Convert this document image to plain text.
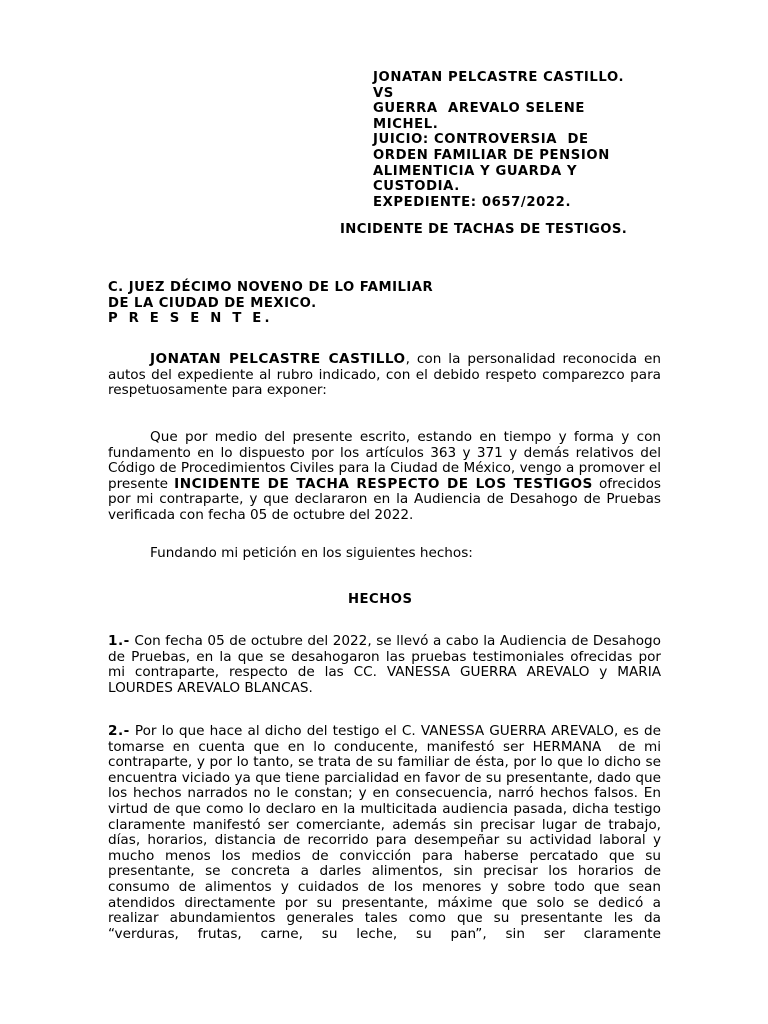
JONATAN PELCASTRE CASTILLO.
VS
GUERRA  AREVALO SELENE
MICHEL.
JUICIO: CONTROVERSIA  DE
ORDEN FAMILIAR DE PENSION
ALIMENTICIA Y GUARDA Y
CUSTODIA.
EXPEDIENTE: 0657/2022.
INCIDENTE DE TACHAS DE TESTIGOS.
C. JUEZ DÉCIMO NOVENO DE LO FAMILIAR
DE LA CIUDAD DE MEXICO.
P R E S E N T E.
JONATAN PELCASTRE CASTILLO, con la personalidad reconocida en autos del expediente al rubro indicado, con el debido respeto comparezco para respetuosamente para exponer:
Que por medio del presente escrito, estando en tiempo y forma y con fundamento en lo dispuesto por los artículos 363 y 371 y demás relativos del Código de Procedimientos Civiles para la Ciudad de México, vengo a promover el presente INCIDENTE DE TACHA RESPECTO DE LOS TESTIGOS ofrecidos por mi contraparte, y que declararon en la Audiencia de Desahogo de Pruebas verificada con fecha 05 de octubre del 2022.
Fundando mi petición en los siguientes hechos:
HECHOS
1.- Con fecha 05 de octubre del 2022, se llevó a cabo la Audiencia de Desahogo de Pruebas, en la que se desahogaron las pruebas testimoniales ofrecidas por mi contraparte, respecto de las CC. VANESSA GUERRA AREVALO y MARIA LOURDES AREVALO BLANCAS.
2.- Por lo que hace al dicho del testigo el C. VANESSA GUERRA AREVALO, es de tomarse en cuenta que en lo conducente, manifestó ser HERMANA  de mi contraparte, y por lo tanto, se trata de su familiar de ésta, por lo que lo dicho se encuentra viciado ya que tiene parcialidad en favor de su presentante, dado que los hechos narrados no le constan; y en consecuencia, narró hechos falsos. En virtud de que como lo declaro en la multicitada audiencia pasada, dicha testigo claramente manifestó ser comerciante, además sin precisar lugar de trabajo, días, horarios, distancia de recorrido para desempeñar su actividad laboral y mucho menos los medios de convicción para haberse percatado que su presentante, se concreta a darles alimentos, sin precisar los horarios de consumo de alimentos y cuidados de los menores y sobre todo que sean atendidos directamente por su presentante, máxime que solo se dedicó a realizar abundamientos generales tales como que su presentante les da “verduras, frutas, carne, su leche, su pan”, sin ser claramente
